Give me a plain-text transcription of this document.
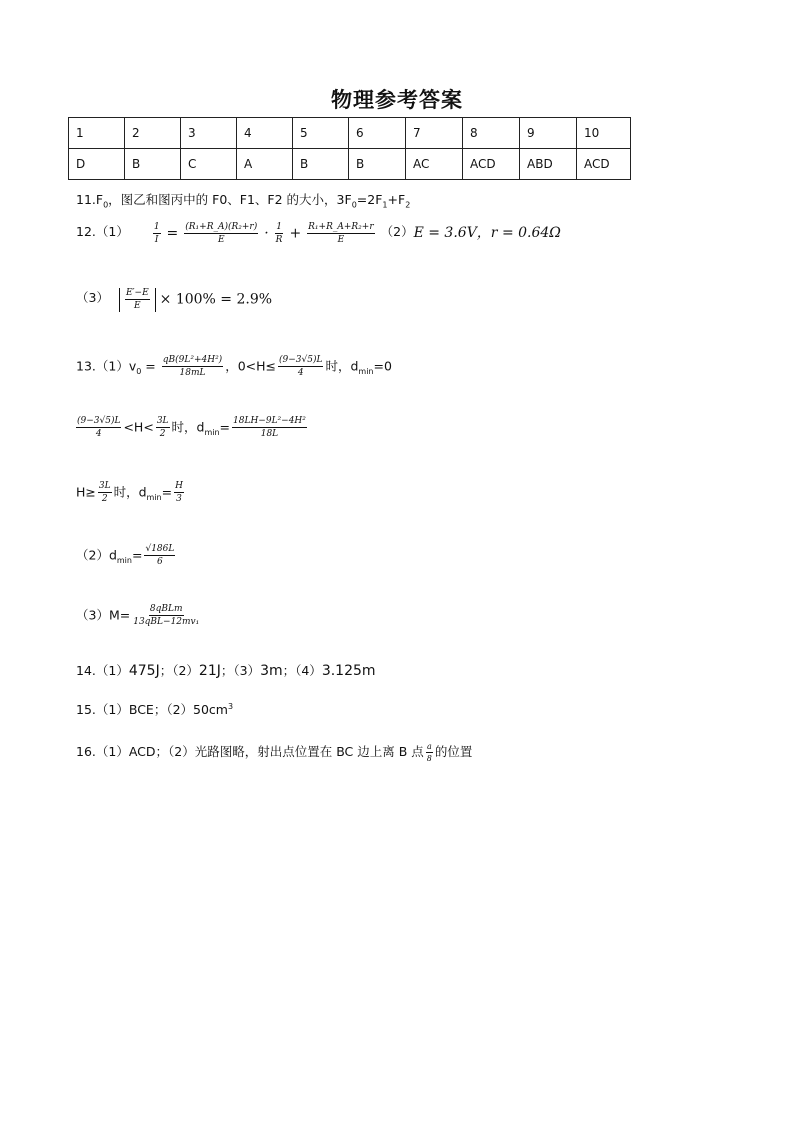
物理参考答案
1	2	3	4	5	6	7	8	9	10
D	B	C	A	B	B	AC	ACD	ABD	ACD
$11.F_0$，图乙和图丙中的 F0、F1、F2 的大小，$3F_0=2F_1+F_2$
12.（1）	$\frac{1}{I} = \frac{\text{(R₁+R\_A)(R₂+r)}}{E} \cdot \frac{1}{R} + \frac{\text{R₁+R\_A+R₂+r}}{E} (2)E = 3.6V$，r = 0.64Ω
$(3) \frac{E'-E}{E} \times 100\% = 2.9\%$
$13.(1)v_0 = \frac{\text{qB(9L²+4H²)}}{18mL}$ ，$0<H\le \frac{(9-3√5)L}{4}$ 时，$d_{min}=0$
$\frac{(9-3√5)L}{4} <H< \frac{3L}{2}$ 时，$d_{min}= \frac{\text{18LH−9L²−4H²}}{18L}$
$H\ge \frac{3L}{2}$ 时，$d_{min}= \frac{H}{3}$
$(2)d_{min}= \frac{√186L}{6}$
$(3)M= \frac{\text{8qBLm}}{\text{13qBL−12mv₁}}$
14.（1）475J；（2）21J；（3）3m；（4）3.125m
15.（1）BCE；$(2)50cm^3$
16.（1）ACD；（2）光路图略，射出点位置在 BC 边上离 B 点 $\frac{a}{8}$ 的位置
